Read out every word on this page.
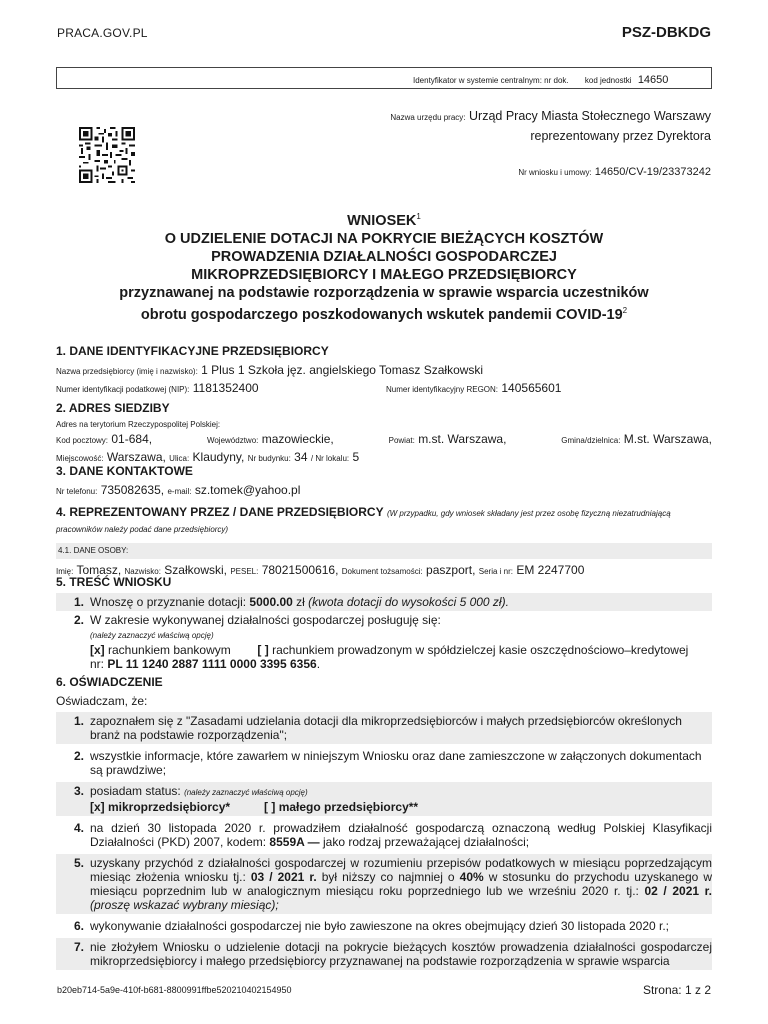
PRACA.GOV.PL	PSZ-DBKDG
Identyfikator w systemie centralnym: nr dok. kod jednostki 14650
Nazwa urzędu pracy: Urząd Pracy Miasta Stołecznego Warszawy
reprezentowany przez Dyrektora
Nr wniosku i umowy: 14650/CV-19/23373242
WNIOSEK$^1$
O UDZIELENIE DOTACJI NA POKRYCIE BIEŻĄCYCH KOSZTÓW
PROWADZENIA DZIAŁALNOŚCI GOSPODARCZEJ
MIKROPRZEDSIĘBIORCY I MAŁEGO PRZEDSIĘBIORCY
przyznawanej na podstawie rozporządzenia w sprawie wsparcia uczestników
obrotu gospodarczego poszkodowanych wskutek pandemii COVID-$19^2$
1. DANE IDENTYFIKACYJNE PRZEDSIĘBIORCY
Nazwa przedsiębiorcy (imię i nazwisko): 1 Plus 1 Szkoła jęz. angielskiego Tomasz Szałkowski
Numer identyfikacji podatkowej (NIP): 1181352400	Numer identyfikacyjny REGON: 140565601
2. ADRES SIEDZIBY
Adres na terytorium Rzeczypospolitej Polskiej:
Kod pocztowy: 01-684,	Województwo: mazowieckie,	Powiat: m.st. Warszawa,	Gmina/dzielnica: M.st. Warszawa,
Miejscowość: Warszawa, Ulica: Klaudyny, Nr budynku: 34 / Nr lokalu: 5
3. DANE KONTAKTOWE
Nr telefonu: 735082635, e-mail: sz.tomek@yahoo.pl
4. REPREZENTOWANY PRZEZ / DANE PRZEDSIĘBIORCY (W przypadku, gdy wniosek składany jest przez osobę fizyczną niezatrudniającą pracowników należy podać dane przedsiębiorcy)
4.1. DANE OSOBY:
Imię: Tomasz, Nazwisko: Szałkowski, PESEL: 78021500616, Dokument tożsamości: paszport, Seria i nr: EM 2247700
5. TREŚĆ WNIOSKU
1. Wnoszę o przyznanie dotacji: 5000.00 zł (kwota dotacji do wysokości 5 000 zł).
2. W zakresie wykonywanej działalności gospodarczej posługuję się:
(należy zaznaczyć właściwą opcję)
[x] rachunkiem bankowym [ ] rachunkiem prowadzonym w spółdzielczej kasie oszczędnościowo–kredytowej
nr: PL 11 1240 2887 1111 0000 3395 6356.
6. OŚWIADCZENIE
Oświadczam, że:
1. zapoznałem się z "Zasadami udzielania dotacji dla mikroprzedsiębiorców i małych przedsiębiorców określonych branż na podstawie rozporządzenia";
2. wszystkie informacje, które zawarłem w niniejszym Wniosku oraz dane zamieszczone w załączonych dokumentach są prawdziwe;
3. posiadam status: (należy zaznaczyć właściwą opcję)
[x] mikroprzedsiębiorcy*	[ ] małego przedsiębiorcy**
4. na dzień 30 listopada 2020 r. prowadziłem działalność gospodarczą oznaczoną według Polskiej Klasyfikacji Działalności (PKD) 2007, kodem: 8559A — jako rodzaj przeważającej działalności;
5. uzyskany przychód z działalności gospodarczej w rozumieniu przepisów podatkowych w miesiącu poprzedzającym miesiąc złożenia wniosku tj.: 03 / 2021 r. był niższy co najmniej o 40% w stosunku do przychodu uzyskanego w miesiącu poprzednim lub w analogicznym miesiącu roku poprzedniego lub we wrześniu 2020 r. tj.: 02 / 2021 r. (proszę wskazać wybrany miesiąc);
6. wykonywanie działalności gospodarczej nie było zawieszone na okres obejmujący dzień 30 listopada 2020 r.;
7. nie złożyłem Wniosku o udzielenie dotacji na pokrycie bieżących kosztów prowadzenia działalności gospodarczej mikroprzedsiębiorcy i małego przedsiębiorcy przyznawanej na podstawie rozporządzenia w sprawie wsparcia
b20eb714-5a9e-410f-b681-8800991ffbe520210402154950	Strona: 1 z 2
